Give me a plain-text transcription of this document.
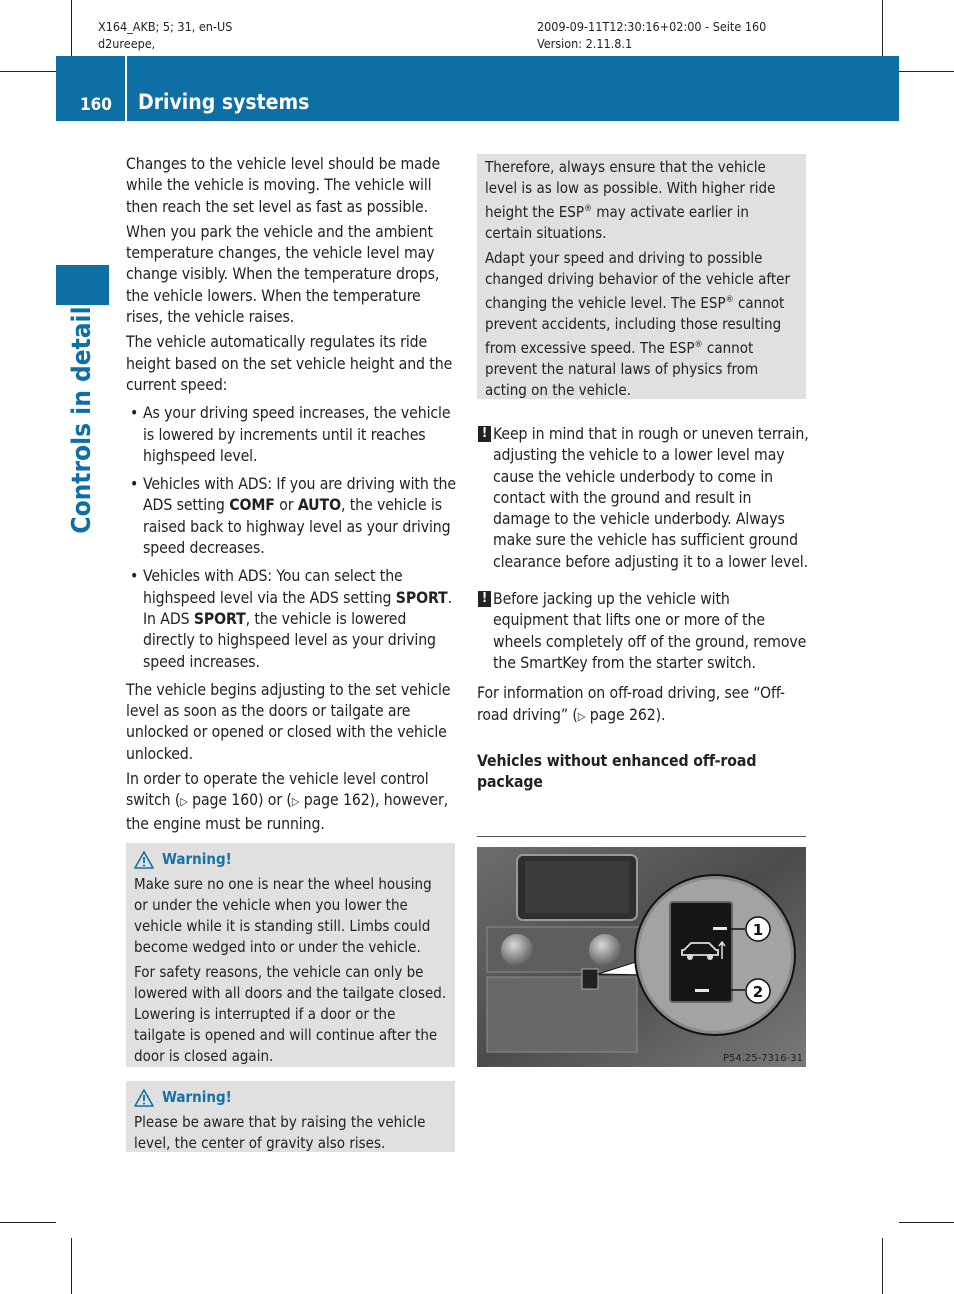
X164_AKB; 5; 31, en-US
d2ureepe,
2009-09-11T12:30:16+02:00 - Seite 160
Version: 2.11.8.1
160 Driving systems
Controls in detail

Changes to the vehicle level should be made while the vehicle is moving. The vehicle will then reach the set level as fast as possible.

When you park the vehicle and the ambient temperature changes, the vehicle level may change visibly. When the temperature drops, the vehicle lowers. When the temperature rises, the vehicle raises.

The vehicle automatically regulates its ride height based on the set vehicle height and the current speed:

• As your driving speed increases, the vehicle is lowered by increments until it reaches highspeed level.
• Vehicles with ADS: If you are driving with the ADS setting COMF or AUTO, the vehicle is raised back to highway level as your driving speed decreases.
• Vehicles with ADS: You can select the highspeed level via the ADS setting SPORT. In ADS SPORT, the vehicle is lowered directly to highspeed level as your driving speed increases.

The vehicle begins adjusting to the set vehicle level as soon as the doors or tailgate are unlocked or opened or closed with the vehicle unlocked.

In order to operate the vehicle level control switch (▷ page 160) or (▷ page 162), however, the engine must be running.

Warning!

Make sure no one is near the wheel housing or under the vehicle when you lower the vehicle while it is standing still. Limbs could become wedged into or under the vehicle.

For safety reasons, the vehicle can only be lowered with all doors and the tailgate closed. Lowering is interrupted if a door or the tailgate is opened and will continue after the door is closed again.

Warning!

Please be aware that by raising the vehicle level, the center of gravity also rises.

Therefore, always ensure that the vehicle level is as low as possible. With higher ride height the ESP® may activate earlier in certain situations.

Adapt your speed and driving to possible changed driving behavior of the vehicle after changing the vehicle level. The ESP® cannot prevent accidents, including those resulting from excessive speed. The ESP® cannot prevent the natural laws of physics from acting on the vehicle.

! Keep in mind that in rough or uneven terrain, adjusting the vehicle to a lower level may cause the vehicle underbody to come in contact with the ground and result in damage to the vehicle underbody. Always make sure the vehicle has sufficient ground clearance before adjusting it to a lower level.
! Before jacking up the vehicle with equipment that lifts one or more of the wheels completely off of the ground, remove the SmartKey from the starter switch.

For information on off-road driving, see “Off-road driving” (▷ page 262).

Vehicles without enhanced off-road package

1
2
P54.25-7316-31
